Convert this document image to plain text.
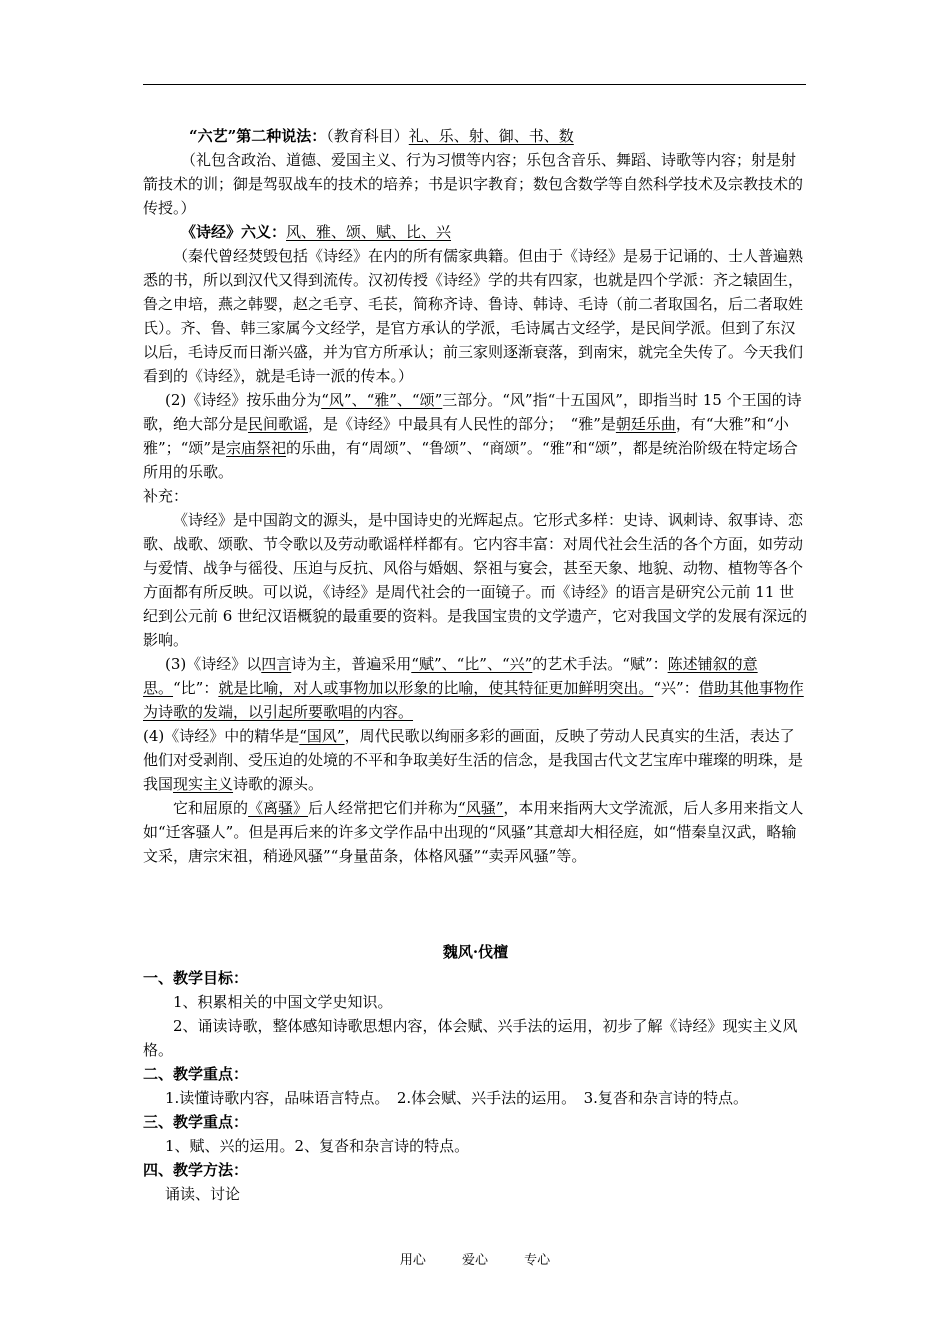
“六艺”第二种说法：（教育科目）礼、乐、射、御、书、数

（礼包含政治、道德、爱国主义、行为习惯等内容；乐包含音乐、舞蹈、诗歌等内容；射是射箭技术的训；御是驾驭战车的技术的培养；书是识字教育；数包含数学等自然科学技术及宗教技术的传授。）

《诗经》六义：风、雅、颂、赋、比、兴

（秦代曾经焚毁包括《诗经》在内的所有儒家典籍。但由于《诗经》是易于记诵的、士人普遍熟悉的书，所以到汉代又得到流传。汉初传授《诗经》学的共有四家，也就是四个学派：齐之辕固生，鲁之申培，燕之韩婴，赵之毛亨、毛苌，简称齐诗、鲁诗、韩诗、毛诗（前二者取国名，后二者取姓氏）。齐、鲁、韩三家属今文经学，是官方承认的学派，毛诗属古文经学，是民间学派。但到了东汉以后，毛诗反而日渐兴盛，并为官方所承认；前三家则逐渐衰落，到南宋，就完全失传了。今天我们看到的《诗经》，就是毛诗一派的传本。）

(2)《诗经》按乐曲分为“风”、“雅”、“颂”三部分。“风”指“十五国风”，即指当时 15 个王国的诗歌，绝大部分是民间歌谣，是《诗经》中最具有人民性的部分；　“雅”是朝廷乐曲，有“大雅”和“小雅”；“颂”是宗庙祭祀的乐曲，有“周颂”、“鲁颂”、“商颂”。“雅”和“颂”，都是统治阶级在特定场合所用的乐歌。

补充：

《诗经》是中国韵文的源头，是中国诗史的光辉起点。它形式多样：史诗、讽刺诗、叙事诗、恋歌、战歌、颂歌、节令歌以及劳动歌谣样样都有。它内容丰富：对周代社会生活的各个方面，如劳动与爱情、战争与徭役、压迫与反抗、风俗与婚姻、祭祖与宴会，甚至天象、地貌、动物、植物等各个方面都有所反映。可以说，《诗经》是周代社会的一面镜子。而《诗经》的语言是研究公元前 11 世纪到公元前 6 世纪汉语概貌的最重要的资料。是我国宝贵的文学遗产，它对我国文学的发展有深远的影响。

(3)《诗经》以四言诗为主，普遍采用“赋”、“比”、“兴”的艺术手法。“赋”：陈述铺叙的意思。“比”：就是比喻，对人或事物加以形象的比喻，使其特征更加鲜明突出。“兴”：借助其他事物作为诗歌的发端，以引起所要歌唱的内容。

(4)《诗经》中的精华是“国风”，周代民歌以绚丽多彩的画面，反映了劳动人民真实的生活，表达了他们对受剥削、受压迫的处境的不平和争取美好生活的信念，是我国古代文艺宝库中璀璨的明珠，是我国现实主义诗歌的源头。

它和屈原的《离骚》后人经常把它们并称为“风骚”，本用来指两大文学流派，后人多用来指文人如“迁客骚人”。但是再后来的许多文学作品中出现的“风骚”其意却大相径庭，如“惜秦皇汉武，略输文采，唐宗宋祖，稍逊风骚”“身量苗条，体格风骚”“卖弄风骚”等。

魏风·伐檀

一、教学目标：

1、积累相关的中国文学史知识。

2、诵读诗歌，整体感知诗歌思想内容，体会赋、兴手法的运用，初步了解《诗经》现实主义风格。

二、教学重点：

1.读懂诗歌内容，品味语言特点。　2.体会赋、兴手法的运用。　3.复沓和杂言诗的特点。

三、教学重点：

1、赋、兴的运用。2、复沓和杂言诗的特点。

四、教学方法：

诵读、讨论

用心	爱心	专心
